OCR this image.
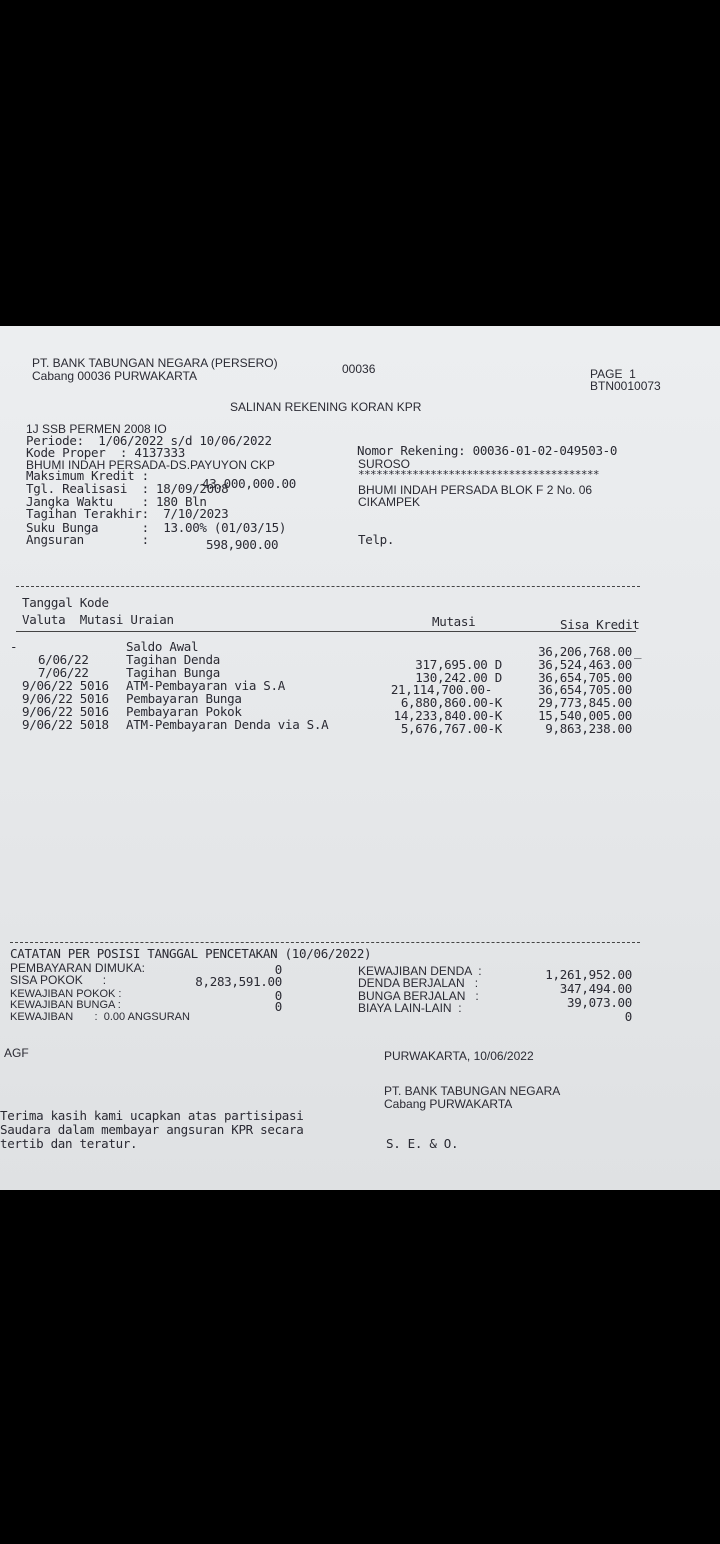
PT. BANK TABUNGAN NEGARA (PERSERO)
Cabang 00036 PURWAKARTA	00036	PAGE  1
BTN0010073
SALINAN REKENING KORAN KPR
1J SSB PERMEN 2008 IO
Periode:  1/06/2022 s/d 10/06/2022
Kode Proper  : 4137333
BHUMI INDAH PERSADA-DS.PAYUYON CKP
Maksimum Kredit :
43,000,000.00
Tgl. Realisasi  : 18/09/2008
Jangka Waktu    : 180 Bln
Tagihan Terakhir:  7/10/2023
Suku Bunga      :  13.00% (01/03/15)
Angsuran        :	598,900.00
Nomor Rekening: 00036-01-02-049503-0
SUROSO
****************************************
BHUMI INDAH PERSADA BLOK F 2 No. 06
CIKAMPEK
Telp.
Tanggal Kode
Valuta  Mutasi Uraian	Mutasi	Sisa Kredit
-	Saldo Awal	36,206,768.00 _
6/06/22	Tagihan Denda	317,695.00 D	36,524,463.00
7/06/22	Tagihan Bunga	130,242.00 D	36,654,705.00
9/06/22 5016 ATM-Pembayaran via S.A	21,114,700.00-	36,654,705.00
9/06/22 5016 Pembayaran Bunga	6,880,860.00-K	29,773,845.00
9/06/22 5016 Pembayaran Pokok	14,233,840.00-K	15,540,005.00
9/06/22 5018 ATM-Pembayaran Denda via S.A	5,676,767.00-K	9,863,238.00
CATATAN PER POSISI TANGGAL PENCETAKAN (10/06/2022)
PEMBAYARAN DIMUKA:	0
SISA POKOK      :	8,283,591.00
KEWAJIBAN POKOK :	0
KEWAJIBAN BUNGA :	0
KEWAJIBAN       :  0.00 ANGSURAN
KEWAJIBAN DENDA  :	1,261,952.00
DENDA BERJALAN   :	347,494.00
BUNGA BERJALAN   :	39,073.00
BIAYA LAIN-LAIN  :
0
AGF	PURWAKARTA, 10/06/2022
PT. BANK TABUNGAN NEGARA
Cabang PURWAKARTA
Terima kasih kami ucapkan atas partisipasi
Saudara dalam membayar angsuran KPR secara
tertib dan teratur.	S. E. & O.
